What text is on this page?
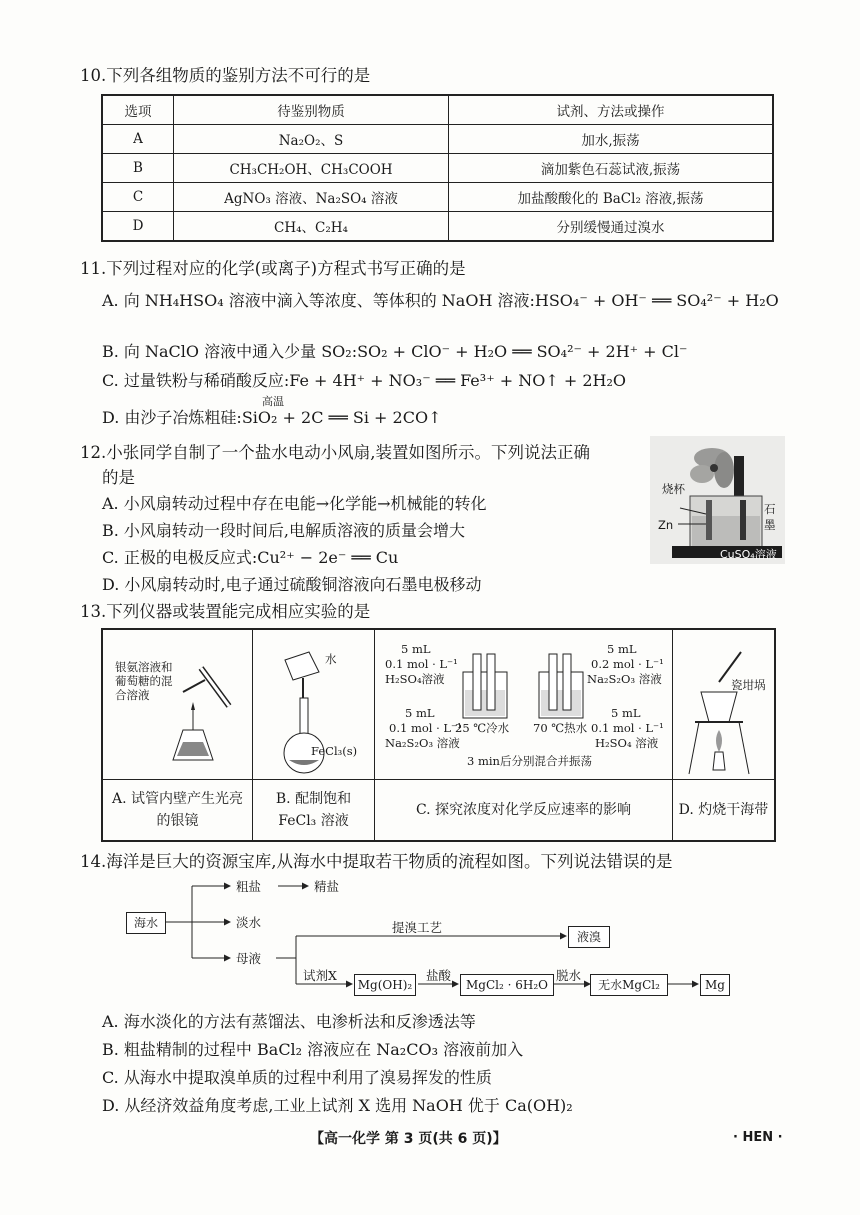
10.下列各组物质的鉴别方法不可行的是
选项	待鉴别物质	试剂、方法或操作
A	Na₂O₂、S	加水,振荡
B	CH₃CH₂OH、CH₃COOH	滴加紫色石蕊试液,振荡
C	AgNO₃ 溶液、Na₂SO₄ 溶液	加盐酸酸化的 BaCl₂ 溶液,振荡
D	CH₄、C₂H₄	分别缓慢通过溴水
11.下列过程对应的化学(或离子)方程式书写正确的是
A. 向 NH₄HSO₄ 溶液中滴入等浓度、等体积的 NaOH 溶液:HSO₄⁻ + OH⁻ ══ SO₄²⁻ + H₂O
B. 向 NaClO 溶液中通入少量 SO₂:SO₂ + ClO⁻ + H₂O ══ SO₄²⁻ + 2H⁺ + Cl⁻
C. 过量铁粉与稀硝酸反应:Fe + 4H⁺ + NO₃⁻ ══ Fe³⁺ + NO↑ + 2H₂O
高温
D. 由沙子冶炼粗硅:SiO₂ + 2C ══ Si + 2CO↑
12.小张同学自制了一个盐水电动小风扇,装置如图所示。下列说法正确
的是
A. 小风扇转动过程中存在电能→化学能→机械能的转化
B. 小风扇转动一段时间后,电解质溶液的质量会增大
C. 正极的电极反应式:Cu²⁺ − 2e⁻ ══ Cu
D. 小风扇转动时,电子通过硫酸铜溶液向石墨电极移动
烧杯
Zn
石
墨
CuSO₄溶液
13.下列仪器或装置能完成相应实验的是
银氨溶液和
葡萄糖的混
合溶液
A. 试管内壁产生光亮的银镜
水
FeCl₃(s)
B. 配制饱和 FeCl₃ 溶液
5 mL
0.1 mol · L⁻¹
H₂SO₄溶液
5 mL
0.1 mol · L⁻¹
Na₂S₂O₃ 溶液
5 mL
0.2 mol · L⁻¹
Na₂S₂O₃ 溶液
5 mL
0.1 mol · L⁻¹
H₂SO₄ 溶液
25 ℃冷水 70 ℃热水
3 min后分别混合并振荡
C. 探究浓度对化学反应速率的影响
瓷坩埚
D. 灼烧干海带
14.海洋是巨大的资源宝库,从海水中提取若干物质的流程如图。下列说法错误的是
海水
粗盐	精盐
淡水
母液
提溴工艺
液溴
试剂X
Mg(OH)₂
盐酸
MgCl₂ · 6H₂O
脱水
无水MgCl₂	Mg
A. 海水淡化的方法有蒸馏法、电渗析法和反渗透法等
B. 粗盐精制的过程中 BaCl₂ 溶液应在 Na₂CO₃ 溶液前加入
C. 从海水中提取溴单质的过程中利用了溴易挥发的性质
D. 从经济效益角度考虑,工业上试剂 X 选用 NaOH 优于 Ca(OH)₂
【高一化学 第 3 页(共 6 页)】	· HEN ·
